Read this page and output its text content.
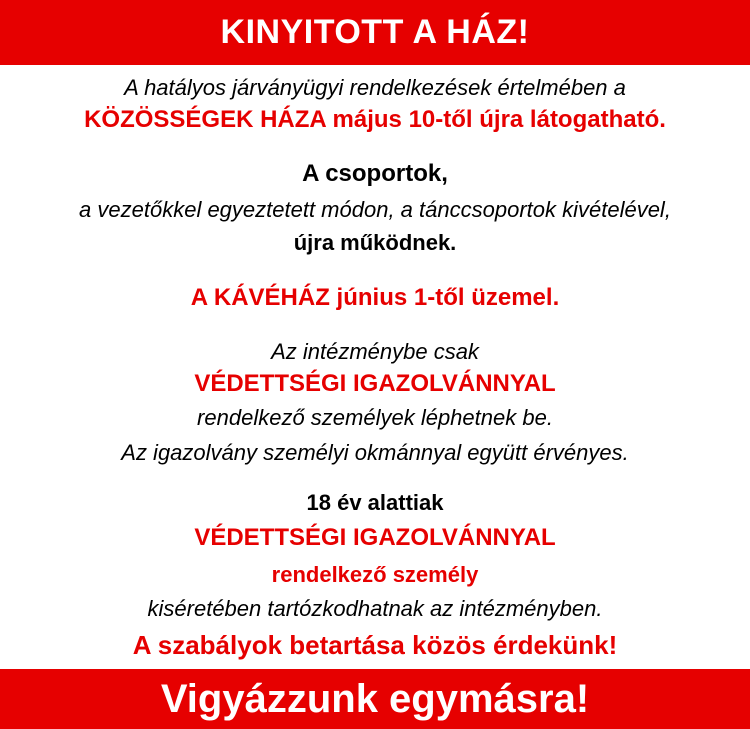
KINYITOTT A HÁZ!
A hatályos járványügyi rendelkezések értelmében a
KÖZÖSSÉGEK HÁZA május 10-től újra látogatható.
A csoportok,
a vezetőkkel egyeztetett módon, a tánccsoportok kivételével,
újra működnek.
A KÁVÉHÁZ június 1-től üzemel.
Az intézménybe csak
VÉDETTSÉGI IGAZOLVÁNNYAL
rendelkező személyek léphetnek be.
Az igazolvány személyi okmánnyal együtt érvényes.
18 év alattiak
VÉDETTSÉGI IGAZOLVÁNNYAL
rendelkező személy
kiséretében tartózkodhatnak az intézményben.
A szabályok betartása közös érdekünk!
Vigyázzunk egymásra!
